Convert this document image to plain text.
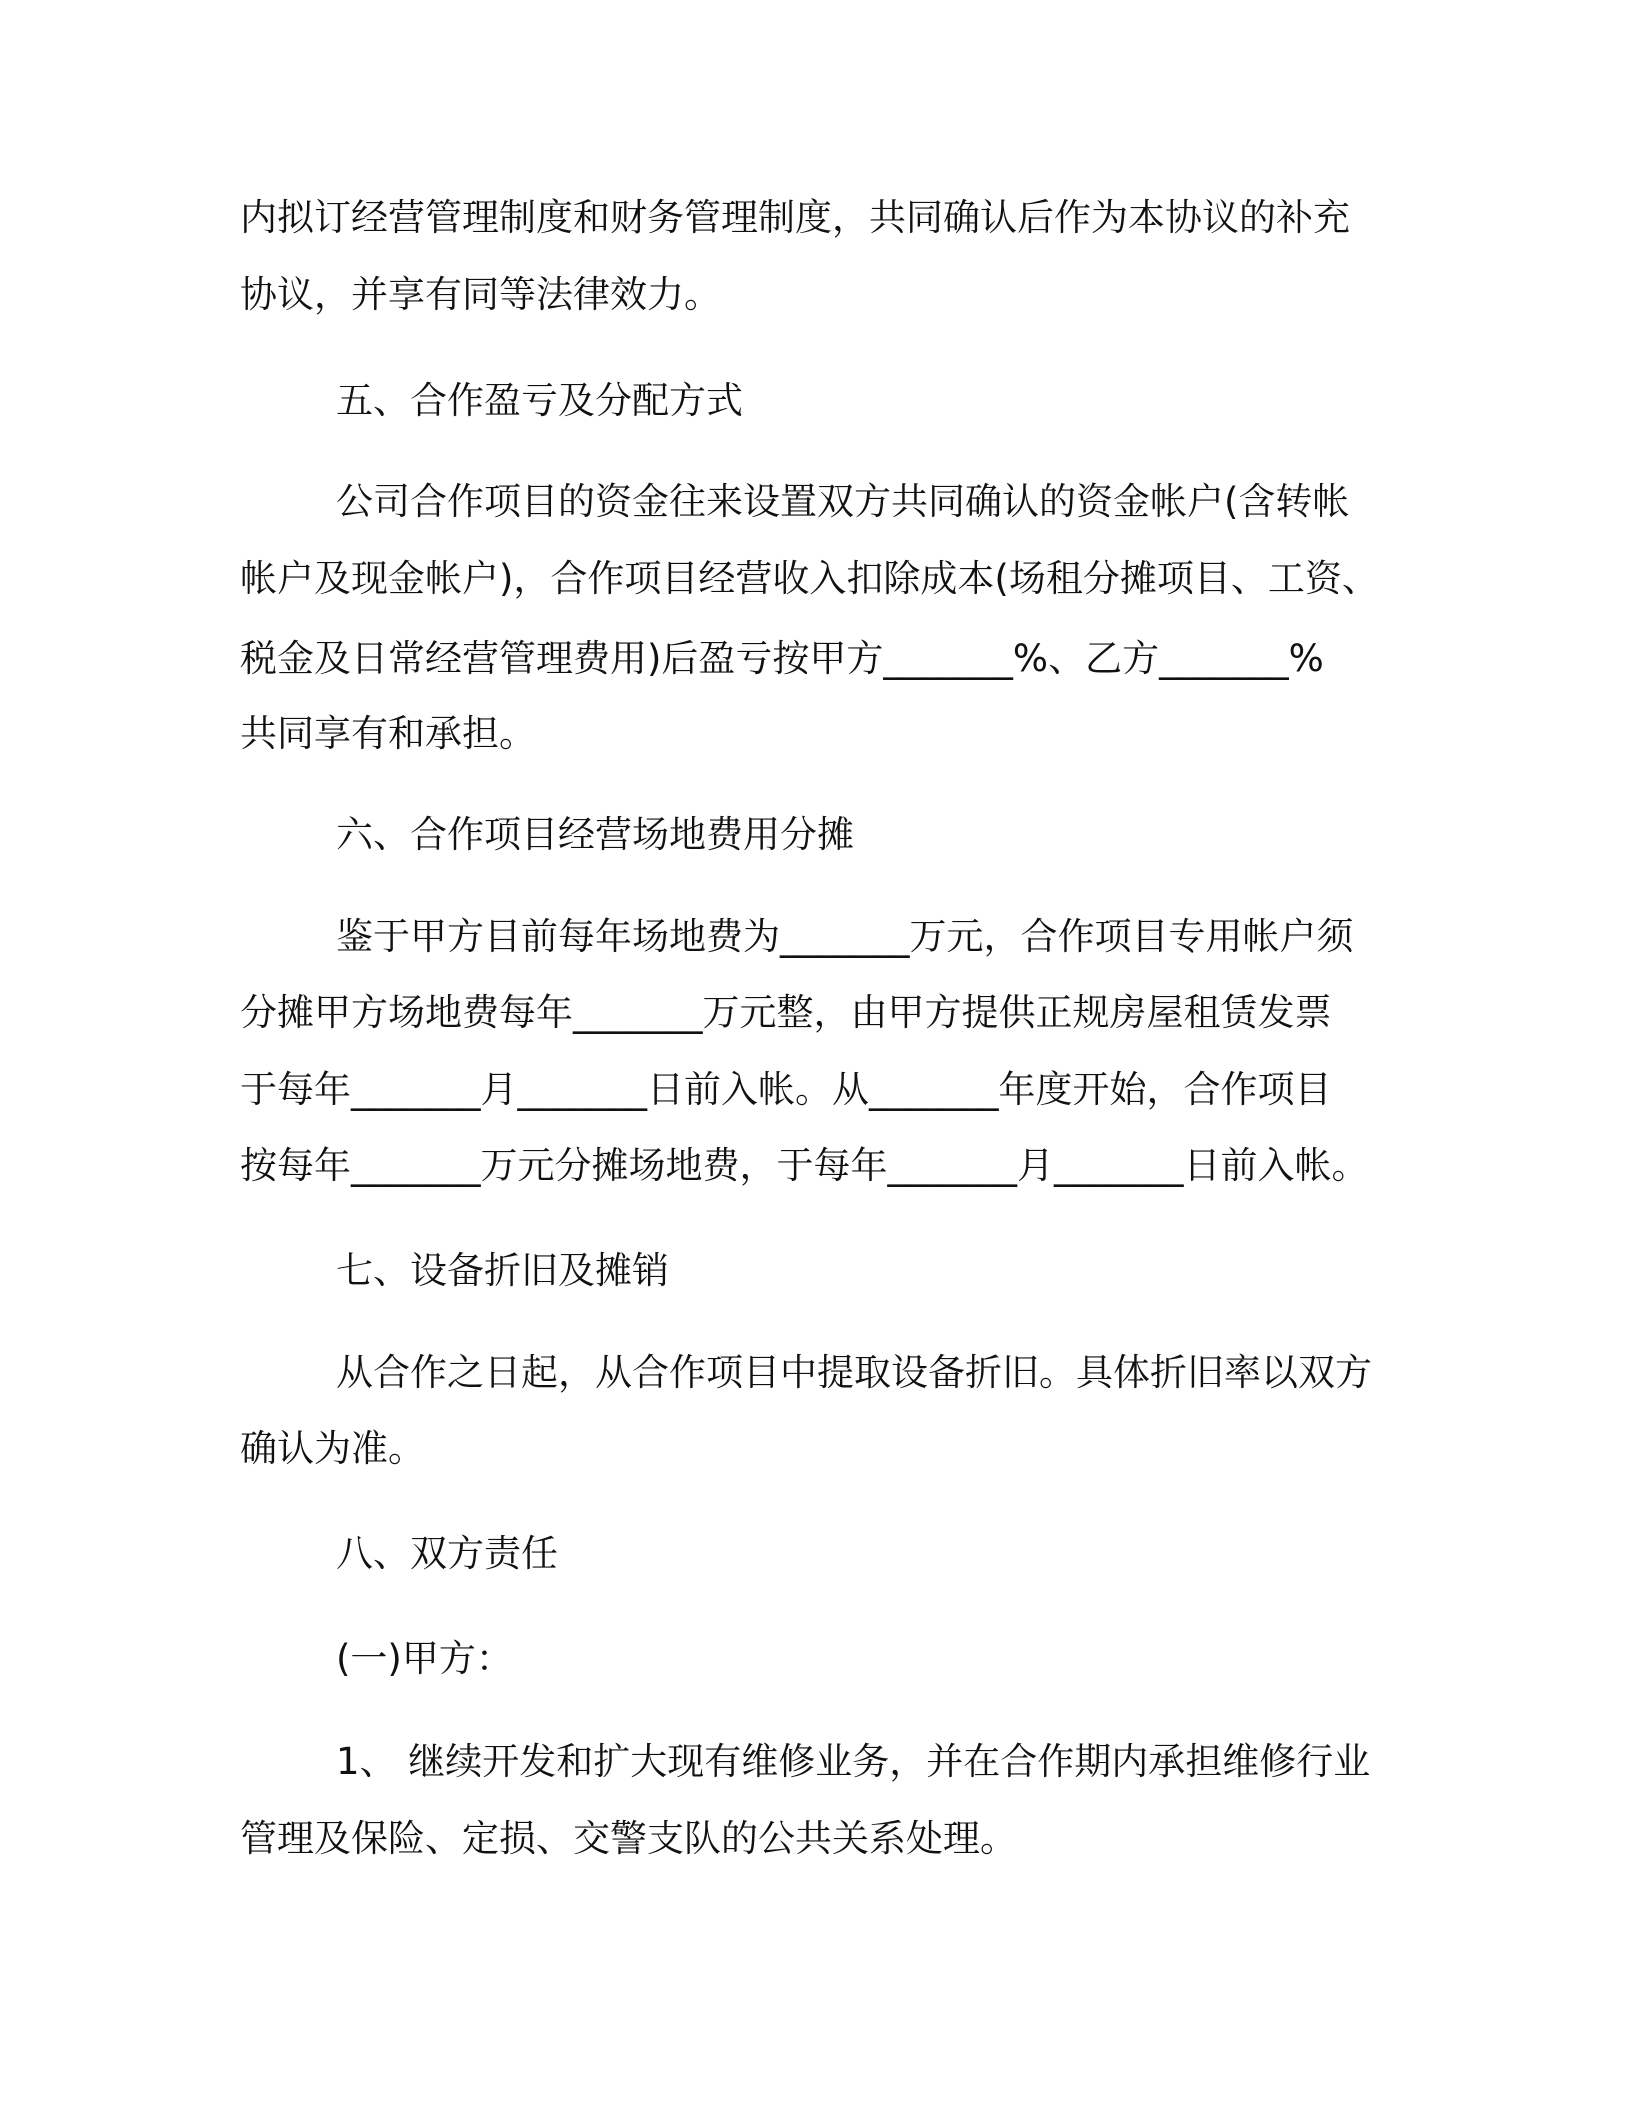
内拟订经营管理制度和财务管理制度，共同确认后作为本协议的补充
协议，并享有同等法律效力。
五、合作盈亏及分配方式
公司合作项目的资金往来设置双方共同确认的资金帐户(含转帐
帐户及现金帐户)，合作项目经营收入扣除成本(场租分摊项目、工资、
税金及日常经营管理费用)后盈亏按甲方_______%、乙方_______%
共同享有和承担。
六、合作项目经营场地费用分摊
鉴于甲方目前每年场地费为_______万元，合作项目专用帐户须
分摊甲方场地费每年_______万元整，由甲方提供正规房屋租赁发票
于每年_______月_______日前入帐。从_______年度开始，合作项目
按每年_______万元分摊场地费，于每年_______月_______日前入帐。
七、设备折旧及摊销
从合作之日起，从合作项目中提取设备折旧。具体折旧率以双方
确认为准。
八、双方责任
(一)甲方：
1、 继续开发和扩大现有维修业务，并在合作期内承担维修行业
管理及保险、定损、交警支队的公共关系处理。
